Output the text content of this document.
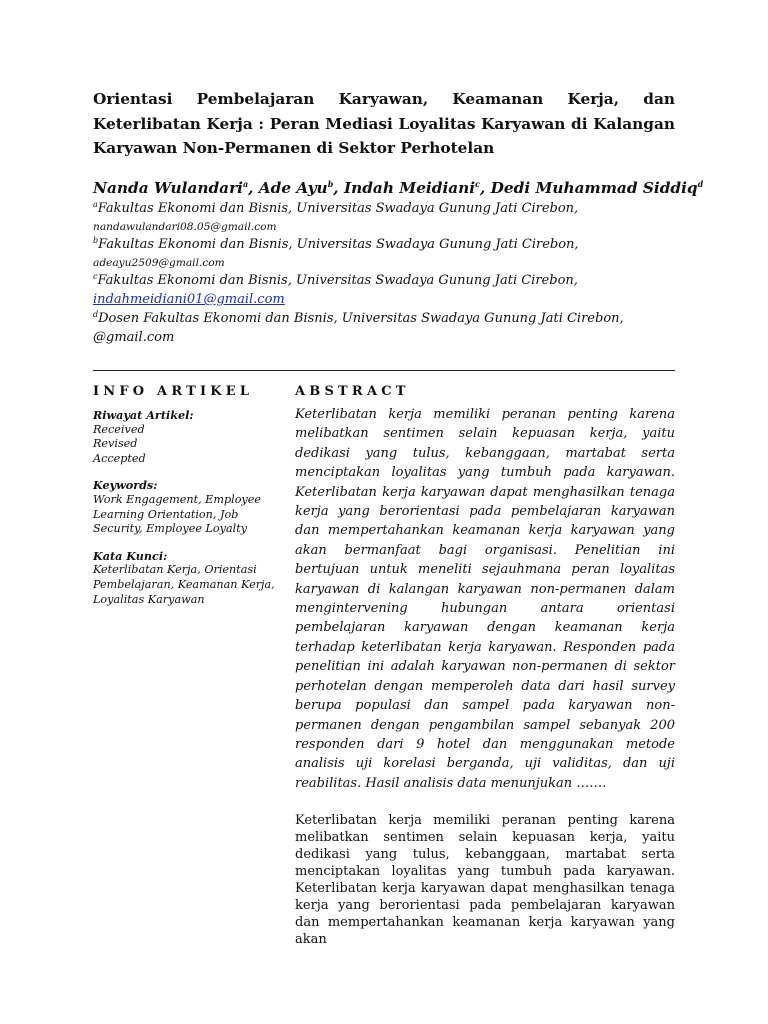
Orientasi Pembelajaran Karyawan, Keamanan Kerja, dan Keterlibatan Kerja : Peran Mediasi Loyalitas Karyawan di Kalangan Karyawan Non-Permanen di Sektor Perhotelan

Nanda Wulandari$^a$, Ade Ayu$^b$, Indah Meidiani$^c$, Dedi Muhammad Siddiq$^d$

$^a$Fakultas Ekonomi dan Bisnis, Universitas Swadaya Gunung Jati Cirebon,
nandawulandari08.05@gmail.com
$^b$Fakultas Ekonomi dan Bisnis, Universitas Swadaya Gunung Jati Cirebon,
adeayu2509@gmail.com
$^c$Fakultas Ekonomi dan Bisnis, Universitas Swadaya Gunung Jati Cirebon,
indahmeidiani01@gmail.com
$^d$Dosen Fakultas Ekonomi dan Bisnis, Universitas Swadaya Gunung Jati Cirebon,
@gmail.com
INFO ARTIKEL	ABSTRACT
Riwayat Artikel:
Received
Revised
Accepted
Keywords:
Work Engagement, Employee Learning Orientation, Job Security, Employee Loyalty
Kata Kunci:
Keterlibatan Kerja, Orientasi Pembelajaran, Keamanan Kerja, Loyalitas Karyawan

Keterlibatan kerja memiliki peranan penting karena melibatkan sentimen selain kepuasan kerja, yaitu dedikasi yang tulus, kebanggaan, martabat serta menciptakan loyalitas yang tumbuh pada karyawan. Keterlibatan kerja karyawan dapat menghasilkan tenaga kerja yang berorientasi pada pembelajaran karyawan dan mempertahankan keamanan kerja karyawan yang akan bermanfaat bagi organisasi. Penelitian ini bertujuan untuk meneliti sejauhmana peran loyalitas karyawan di kalangan karyawan non-permanen dalam mengintervening hubungan antara orientasi pembelajaran karyawan dengan keamanan kerja terhadap keterlibatan kerja karyawan. Responden pada penelitian ini adalah karyawan non-permanen di sektor perhotelan dengan memperoleh data dari hasil survey berupa populasi dan sampel pada karyawan non-permanen dengan pengambilan sampel sebanyak 200 responden dari 9 hotel dan menggunakan metode analisis uji korelasi berganda, uji validitas, dan uji reabilitas. Hasil analisis data menunjukan …….

Keterlibatan kerja memiliki peranan penting karena melibatkan sentimen selain kepuasan kerja, yaitu dedikasi yang tulus, kebanggaan, martabat serta menciptakan loyalitas yang tumbuh pada karyawan. Keterlibatan kerja karyawan dapat menghasilkan tenaga kerja yang berorientasi pada pembelajaran karyawan dan mempertahankan keamanan kerja karyawan yang akan
